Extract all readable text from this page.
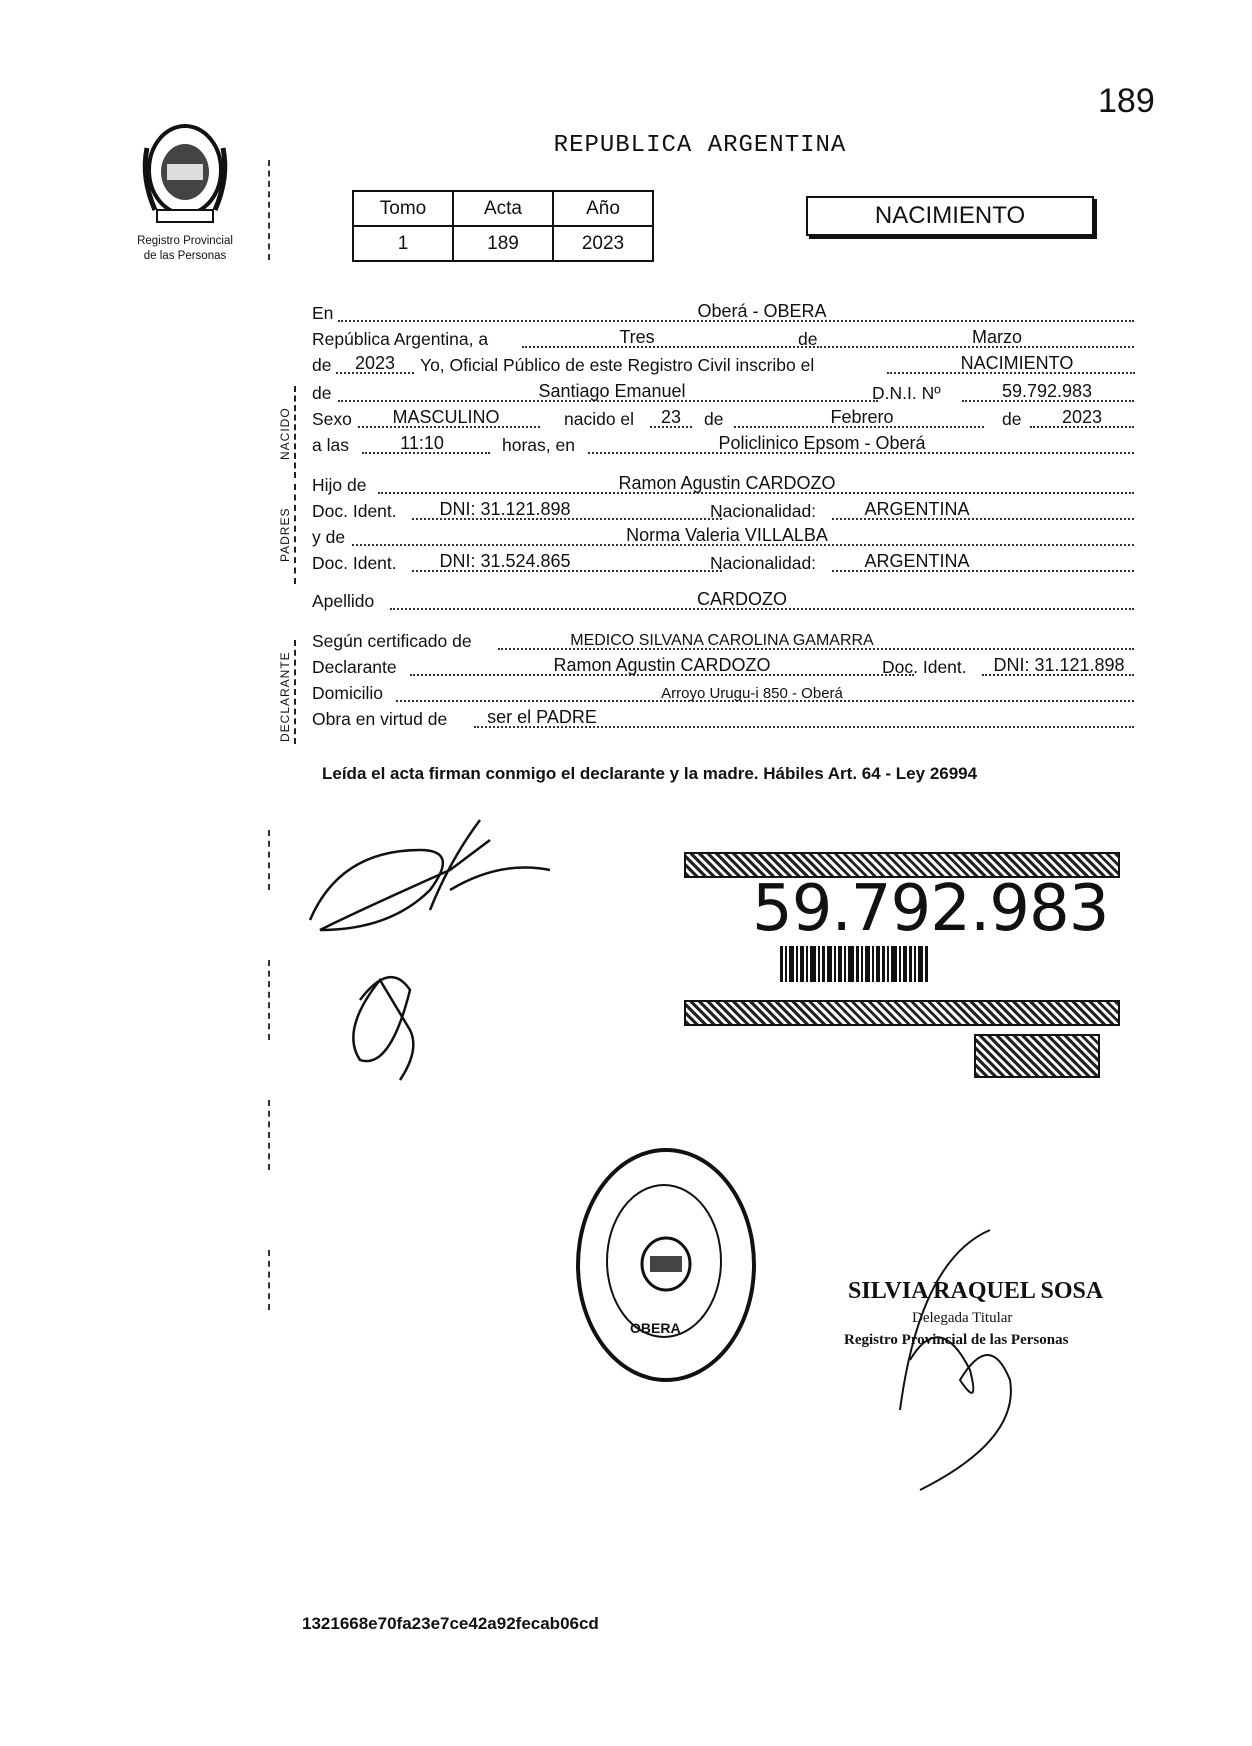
189
Registro Provincial
de las Personas
REPUBLICA ARGENTINA
Tomo	Acta	Año
1	189	2023
NACIMIENTO
NACIDO
PADRES
DECLARANTE
En	Oberá - OBERA
República Argentina, a	Tres	de	Marzo
de	2023	Yo, Oficial Público de este Registro Civil inscribo el	NACIMIENTO
de	Santiago Emanuel	D.N.I. Nº	59.792.983
Sexo	MASCULINO	nacido el	23	de	Febrero	de	2023
a las	11:10	horas, en	Policlinico Epsom - Oberá
Hijo de	Ramon Agustin CARDOZO
Doc. Ident.	DNI: 31.121.898	Nacionalidad:	ARGENTINA
y de	Norma Valeria VILLALBA
Doc. Ident.	DNI: 31.524.865	Nacionalidad:	ARGENTINA
Apellido	CARDOZO
Según certificado de	MEDICO SILVANA CAROLINA GAMARRA
Declarante	Ramon Agustin CARDOZO	Doc. Ident.	DNI: 31.121.898
Domicilio	Arroyo Urugu-i 850 - Oberá
Obra en virtud de ser el PADRE
Leída el acta firman conmigo el declarante y la madre. Hábiles Art. 64 - Ley 26994
59.792.983
OBERA
SILVIA RAQUEL SOSA
Delegada Titular
Registro Provincial de las Personas
1321668e70fa23e7ce42a92fecab06cd
